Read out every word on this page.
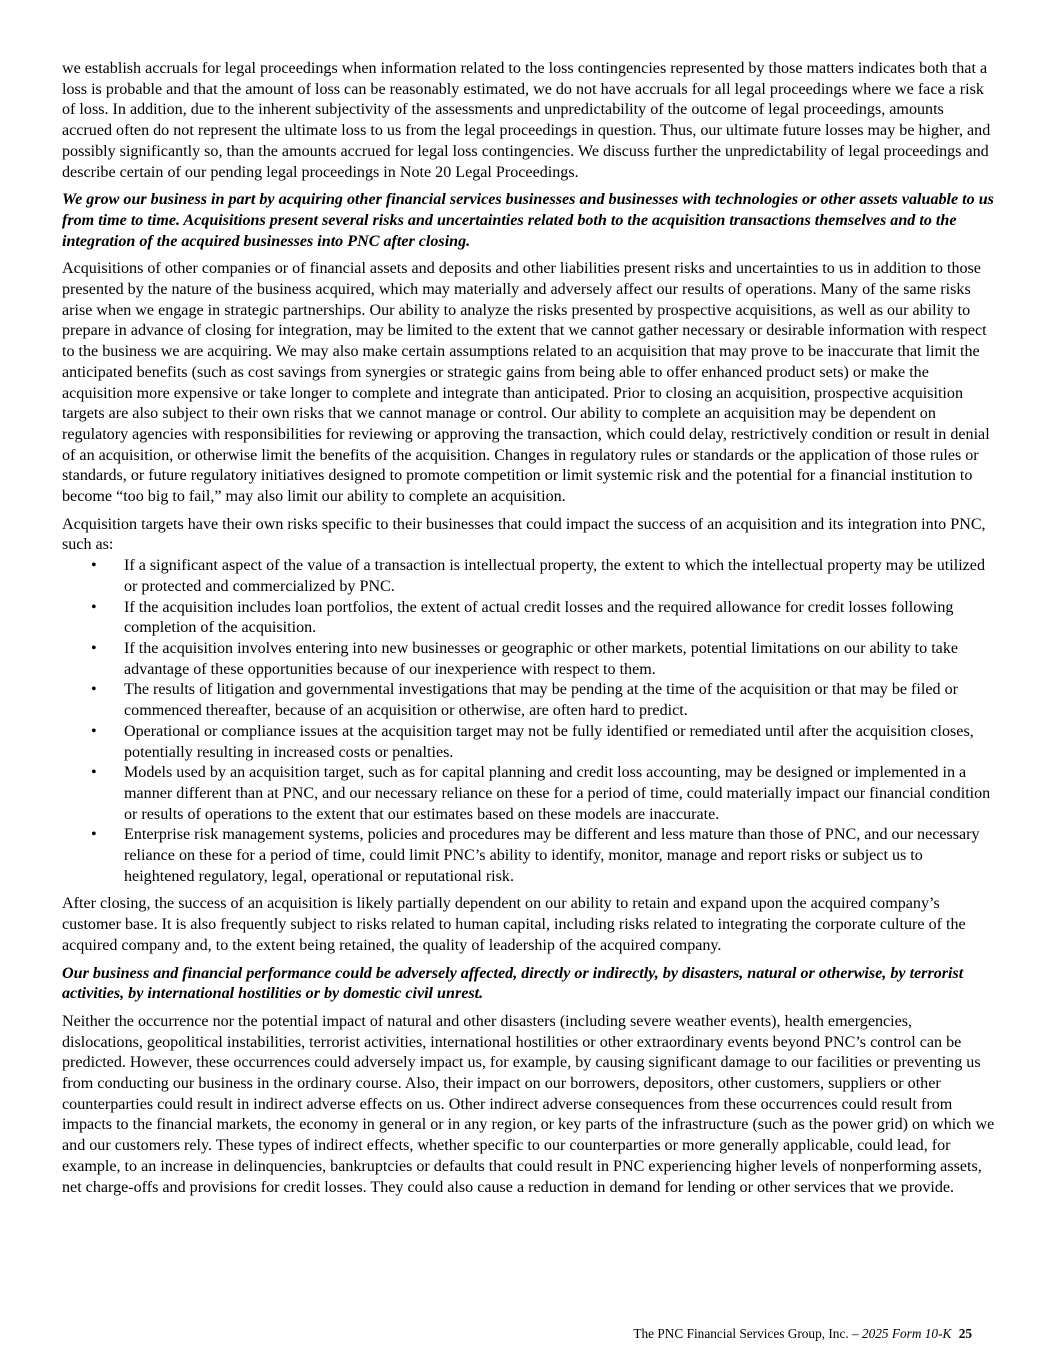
we establish accruals for legal proceedings when information related to the loss contingencies represented by those matters indicates both that a loss is probable and that the amount of loss can be reasonably estimated, we do not have accruals for all legal proceedings where we face a risk of loss. In addition, due to the inherent subjectivity of the assessments and unpredictability of the outcome of legal proceedings, amounts accrued often do not represent the ultimate loss to us from the legal proceedings in question. Thus, our ultimate future losses may be higher, and possibly significantly so, than the amounts accrued for legal loss contingencies. We discuss further the unpredictability of legal proceedings and describe certain of our pending legal proceedings in Note 20 Legal Proceedings.

We grow our business in part by acquiring other financial services businesses and businesses with technologies or other assets valuable to us from time to time. Acquisitions present several risks and uncertainties related both to the acquisition transactions themselves and to the integration of the acquired businesses into PNC after closing.

Acquisitions of other companies or of financial assets and deposits and other liabilities present risks and uncertainties to us in addition to those presented by the nature of the business acquired, which may materially and adversely affect our results of operations. Many of the same risks arise when we engage in strategic partnerships. Our ability to analyze the risks presented by prospective acquisitions, as well as our ability to prepare in advance of closing for integration, may be limited to the extent that we cannot gather necessary or desirable information with respect to the business we are acquiring. We may also make certain assumptions related to an acquisition that may prove to be inaccurate that limit the anticipated benefits (such as cost savings from synergies or strategic gains from being able to offer enhanced product sets) or make the acquisition more expensive or take longer to complete and integrate than anticipated. Prior to closing an acquisition, prospective acquisition targets are also subject to their own risks that we cannot manage or control. Our ability to complete an acquisition may be dependent on regulatory agencies with responsibilities for reviewing or approving the transaction, which could delay, restrictively condition or result in denial of an acquisition, or otherwise limit the benefits of the acquisition. Changes in regulatory rules or standards or the application of those rules or standards, or future regulatory initiatives designed to promote competition or limit systemic risk and the potential for a financial institution to become “too big to fail,” may also limit our ability to complete an acquisition.

Acquisition targets have their own risks specific to their businesses that could impact the success of an acquisition and its integration into PNC, such as:

• If a significant aspect of the value of a transaction is intellectual property, the extent to which the intellectual property may be utilized or protected and commercialized by PNC.
• If the acquisition includes loan portfolios, the extent of actual credit losses and the required allowance for credit losses following completion of the acquisition.
• If the acquisition involves entering into new businesses or geographic or other markets, potential limitations on our ability to take advantage of these opportunities because of our inexperience with respect to them.
• The results of litigation and governmental investigations that may be pending at the time of the acquisition or that may be filed or commenced thereafter, because of an acquisition or otherwise, are often hard to predict.
• Operational or compliance issues at the acquisition target may not be fully identified or remediated until after the acquisition closes, potentially resulting in increased costs or penalties.
• Models used by an acquisition target, such as for capital planning and credit loss accounting, may be designed or implemented in a manner different than at PNC, and our necessary reliance on these for a period of time, could materially impact our financial condition or results of operations to the extent that our estimates based on these models are inaccurate.
• Enterprise risk management systems, policies and procedures may be different and less mature than those of PNC, and our necessary reliance on these for a period of time, could limit PNC’s ability to identify, monitor, manage and report risks or subject us to heightened regulatory, legal, operational or reputational risk.

After closing, the success of an acquisition is likely partially dependent on our ability to retain and expand upon the acquired company’s customer base. It is also frequently subject to risks related to human capital, including risks related to integrating the corporate culture of the acquired company and, to the extent being retained, the quality of leadership of the acquired company.

Our business and financial performance could be adversely affected, directly or indirectly, by disasters, natural or otherwise, by terrorist activities, by international hostilities or by domestic civil unrest.

Neither the occurrence nor the potential impact of natural and other disasters (including severe weather events), health emergencies, dislocations, geopolitical instabilities, terrorist activities, international hostilities or other extraordinary events beyond PNC’s control can be predicted. However, these occurrences could adversely impact us, for example, by causing significant damage to our facilities or preventing us from conducting our business in the ordinary course. Also, their impact on our borrowers, depositors, other customers, suppliers or other counterparties could result in indirect adverse effects on us. Other indirect adverse consequences from these occurrences could result from impacts to the financial markets, the economy in general or in any region, or key parts of the infrastructure (such as the power grid) on which we and our customers rely. These types of indirect effects, whether specific to our counterparties or more generally applicable, could lead, for example, to an increase in delinquencies, bankruptcies or defaults that could result in PNC experiencing higher levels of nonperforming assets, net charge-offs and provisions for credit losses. They could also cause a reduction in demand for lending or other services that we provide.

The PNC Financial Services Group, Inc. – 2025 Form 10-K 25
